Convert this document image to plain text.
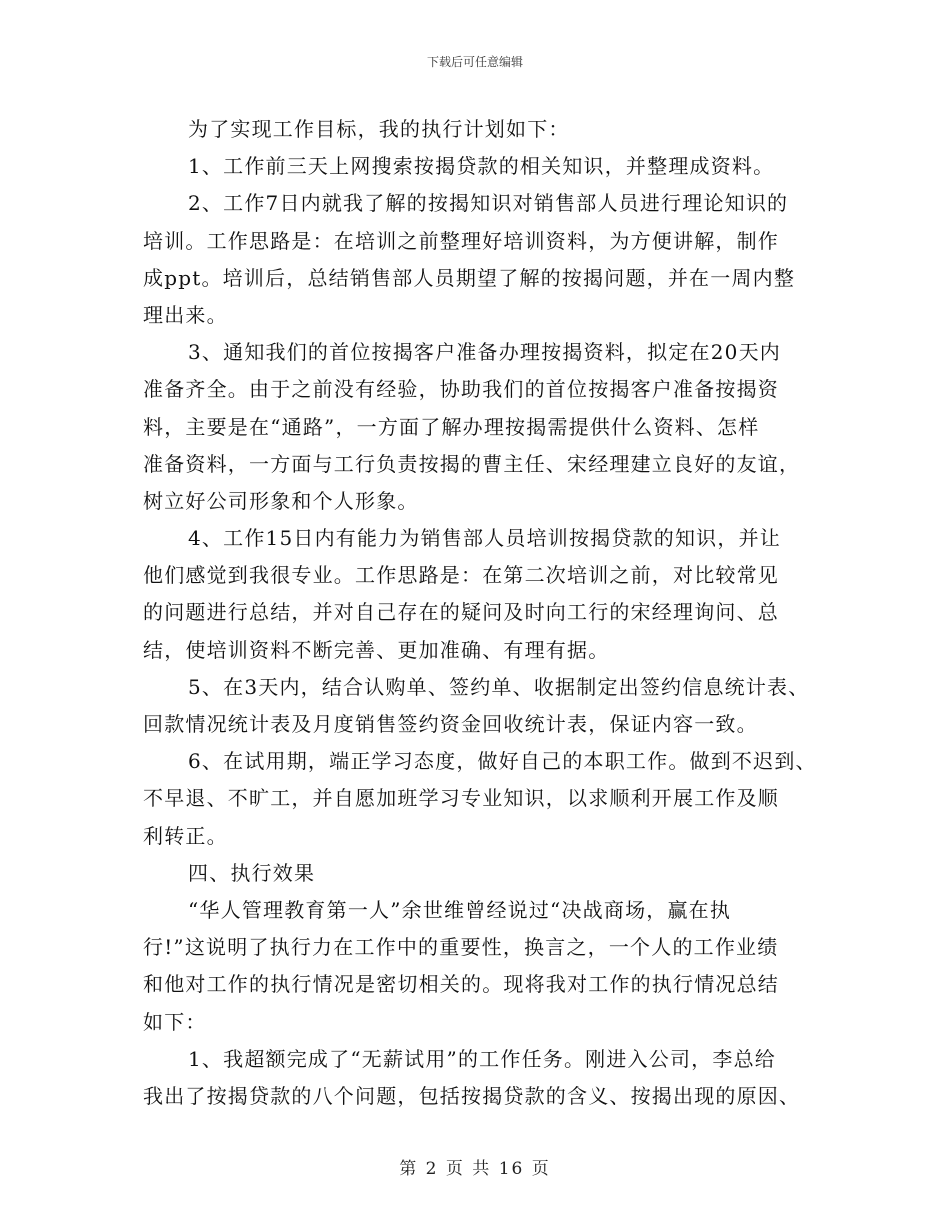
下载后可任意编辑
为了实现工作目标，我的执行计划如下：
1、工作前三天上网搜索按揭贷款的相关知识，并整理成资料。
2、工作7日内就我了解的按揭知识对销售部人员进行理论知识的
培训。工作思路是：在培训之前整理好培训资料，为方便讲解，制作
成ppt。培训后，总结销售部人员期望了解的按揭问题，并在一周内整
理出来。
3、通知我们的首位按揭客户准备办理按揭资料，拟定在20天内
准备齐全。由于之前没有经验，协助我们的首位按揭客户准备按揭资
料，主要是在“通路”，一方面了解办理按揭需提供什么资料、怎样
准备资料，一方面与工行负责按揭的曹主任、宋经理建立良好的友谊，
树立好公司形象和个人形象。
4、工作15日内有能力为销售部人员培训按揭贷款的知识，并让
他们感觉到我很专业。工作思路是：在第二次培训之前，对比较常见
的问题进行总结，并对自己存在的疑问及时向工行的宋经理询问、总
结，使培训资料不断完善、更加准确、有理有据。
5、在3天内，结合认购单、签约单、收据制定出签约信息统计表、
回款情况统计表及月度销售签约资金回收统计表，保证内容一致。
6、在试用期，端正学习态度，做好自己的本职工作。做到不迟到、
不早退、不旷工，并自愿加班学习专业知识，以求顺利开展工作及顺
利转正。
四、执行效果
“华人管理教育第一人”余世维曾经说过“决战商场，赢在执
行!”这说明了执行力在工作中的重要性，换言之，一个人的工作业绩
和他对工作的执行情况是密切相关的。现将我对工作的执行情况总结
如下：
1、我超额完成了“无薪试用”的工作任务。刚进入公司，李总给
我出了按揭贷款的八个问题，包括按揭贷款的含义、按揭出现的原因、
第 2 页 共 16 页
